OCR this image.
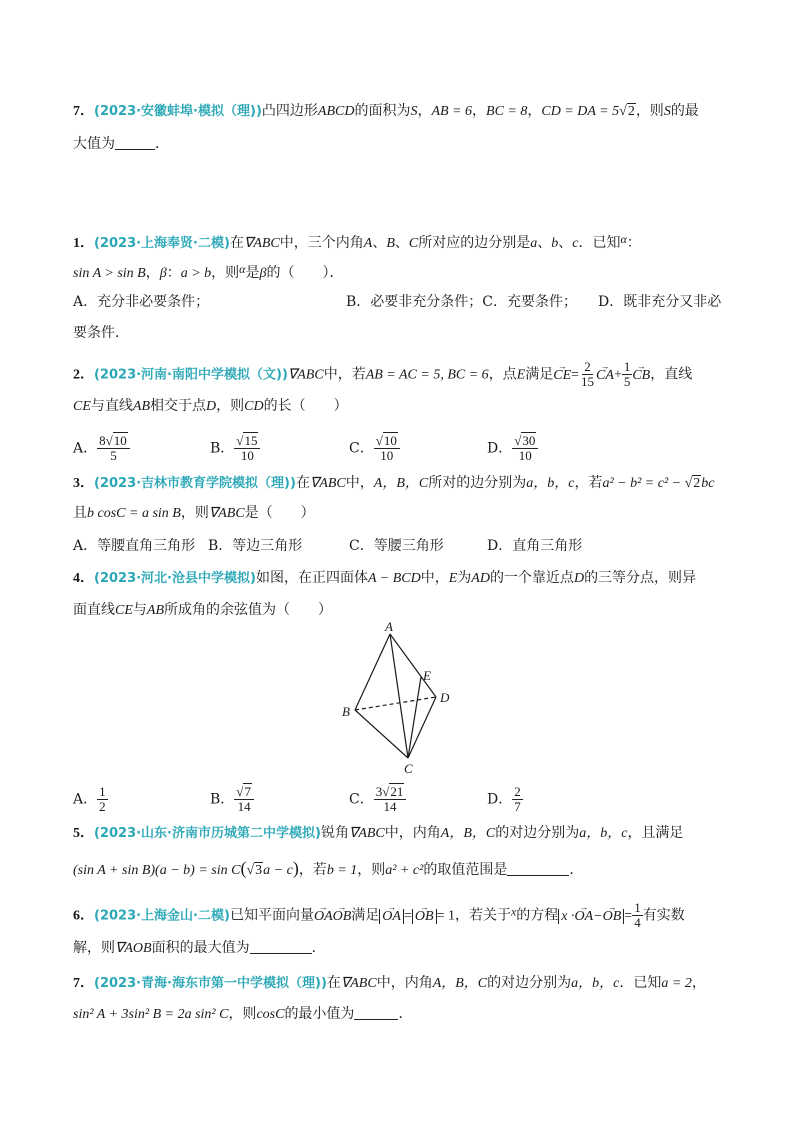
7．(2023·安徽蚌埠·模拟（理))凸四边形ABCD的面积为S，AB = 6，BC = 8，CD = DA = 5√2，则S的最
大值为	．
1．(2023·上海奉贤·二模)在∇ABC中，三个内角A、B、C所对应的边分别是a、b、c．已知α：
sin A > sin B，β：a > b，则α是β的（　　）．
A．充分非必要条件；	B．必要非充分条件；C．充要条件； D．既非充分又非必
要条件．
2．(2023·河南·南阳中学模拟（文))∇ABC中，若AB = AC = 5, BC = 6，点E满足→ $CE= \frac{2}{15}$
→ $CA+ \frac{1}{5}$
→ CB，直线
CE与直线AB相交于点D，则CD的长（　　）
A． $\frac{8√10}{5}$	B． $\frac{√15}{10}$	C． $\frac{√10}{10}$	D． $\frac{√30}{10}$
3．(2023·吉林市教育学院模拟（理))在∇ABC中，A，B，C所对的边分别为a，b，c，若a² − b² = c² − √2bc
且b cosC = a sin B，则∇ABC是（　　）
A．等腰直角三角形 B．等边三角形	C．等腰三角形	D．直角三角形
4．(2023·河北·沧县中学模拟)如图，在正四面体A − BCD中，E为AD的一个靠近点D的三等分点，则异
面直线CE与AB所成角的余弦值为（　　）
A
B
C
D
E
A． $\frac{1}{2}$	B． $\frac{√7}{14}$	C． $\frac{3√21}{14}$	D． $\frac{2}{7}$
5．(2023·山东·济南市历城第二中学模拟)锐角∇ABC中，内角A，B，C的对边分别为a，b，c，且满足
(sin A + sin B)(a − b) = sin C(√3a − c)，若b = 1，则a² + c²的取值范围是	．
6．(2023·上海金山·二模)已知平面向量→ OA→ OB满足→ OA =→ OB = 1，若关于x的方程 x ·→ OA−→ OB = $\frac{1}{4}$ 有实数
解，则∇AOB面积的最大值为	．
7．(2023·青海·海东市第一中学模拟（理))在∇ABC中，内角A，B，C的对边分别为a，b，c．已知a = 2，
sin² A + 3sin² B = 2a sin² C，则cosC的最小值为	．
